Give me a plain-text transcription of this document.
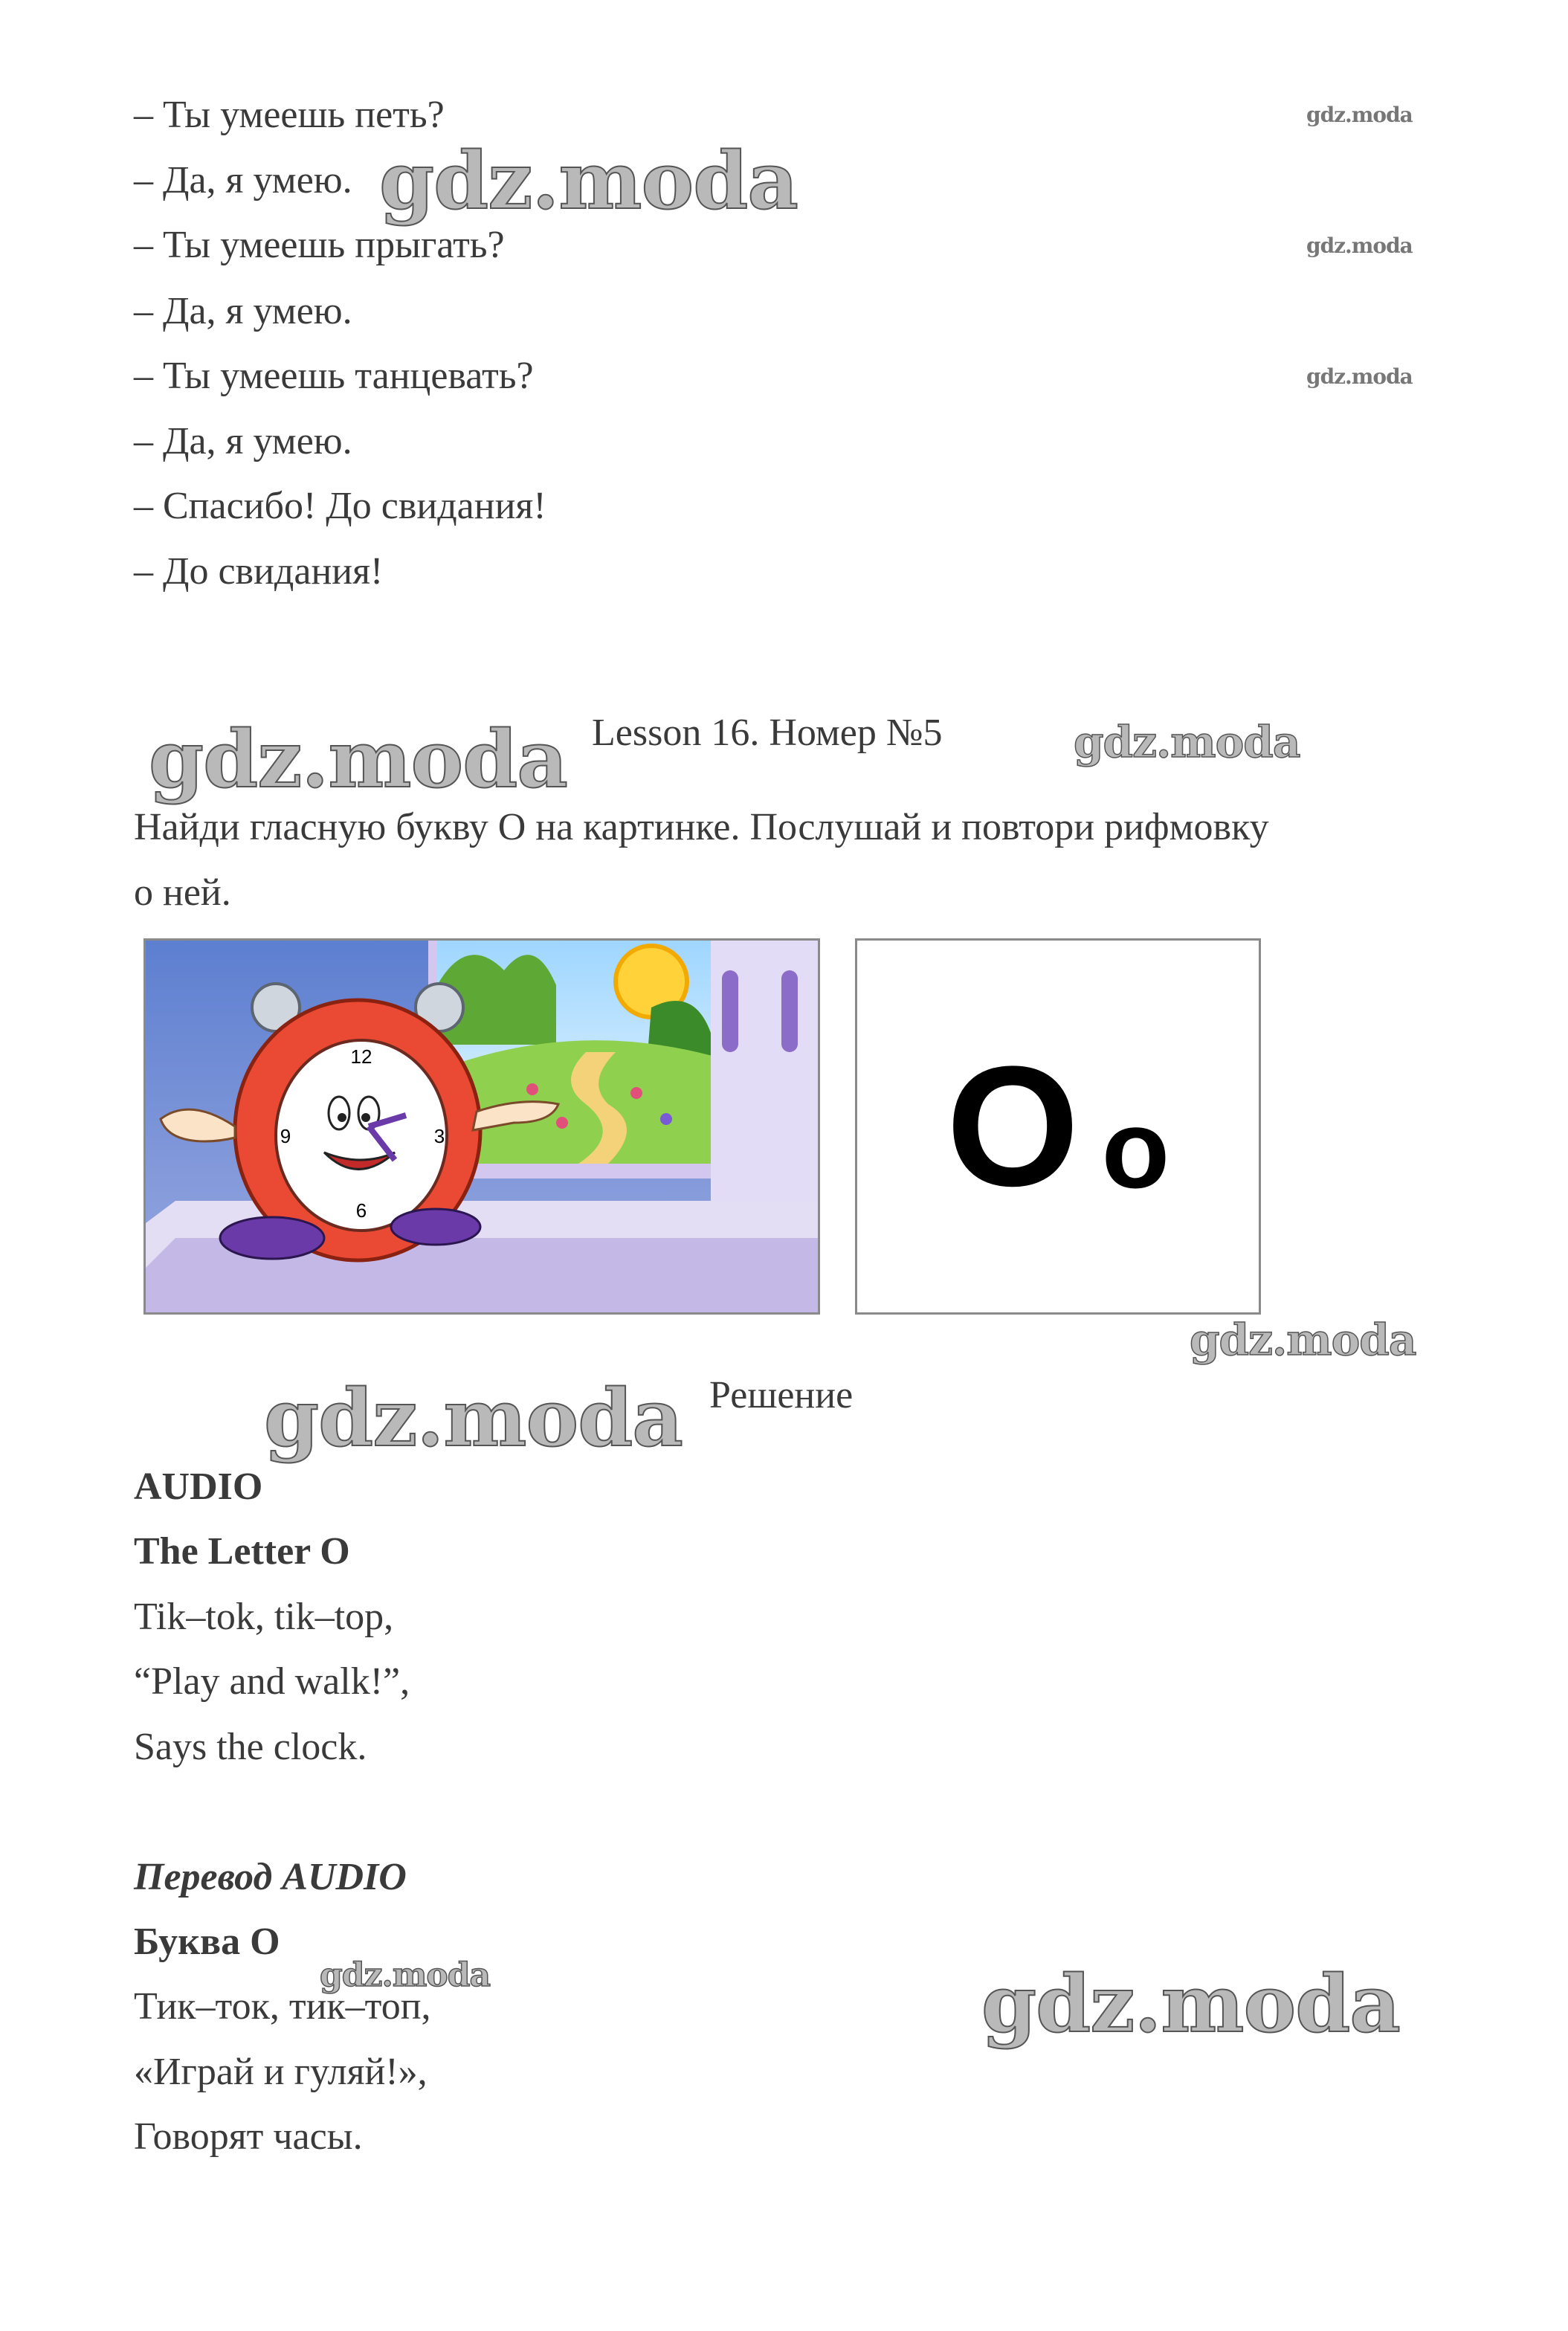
– Ты умеешь петь?
– Да, я умею.
– Ты умеешь прыгать?
– Да, я умею.
– Ты умеешь танцевать?
– Да, я умею.
– Спасибо! До свидания!
– До свидания!
Lesson 16. Номер №5
Найди гласную букву О на картинке. Послушай и повтори рифмовку
о ней.
12
3
6
9	O o
Решение
AUDIO
The Letter O
Tik–tok, tik–top,
“Play and walk!”,
Says the clock.
Перевод AUDIO
Буква О
Тик–ток, тик–топ,
«Играй и гуляй!»,
Говорят часы.
gdz.moda
gdz.moda
gdz.moda
gdz.moda
gdz.moda	gdz.moda
gdz.moda
gdz.moda
gdz.moda	gdz.moda
